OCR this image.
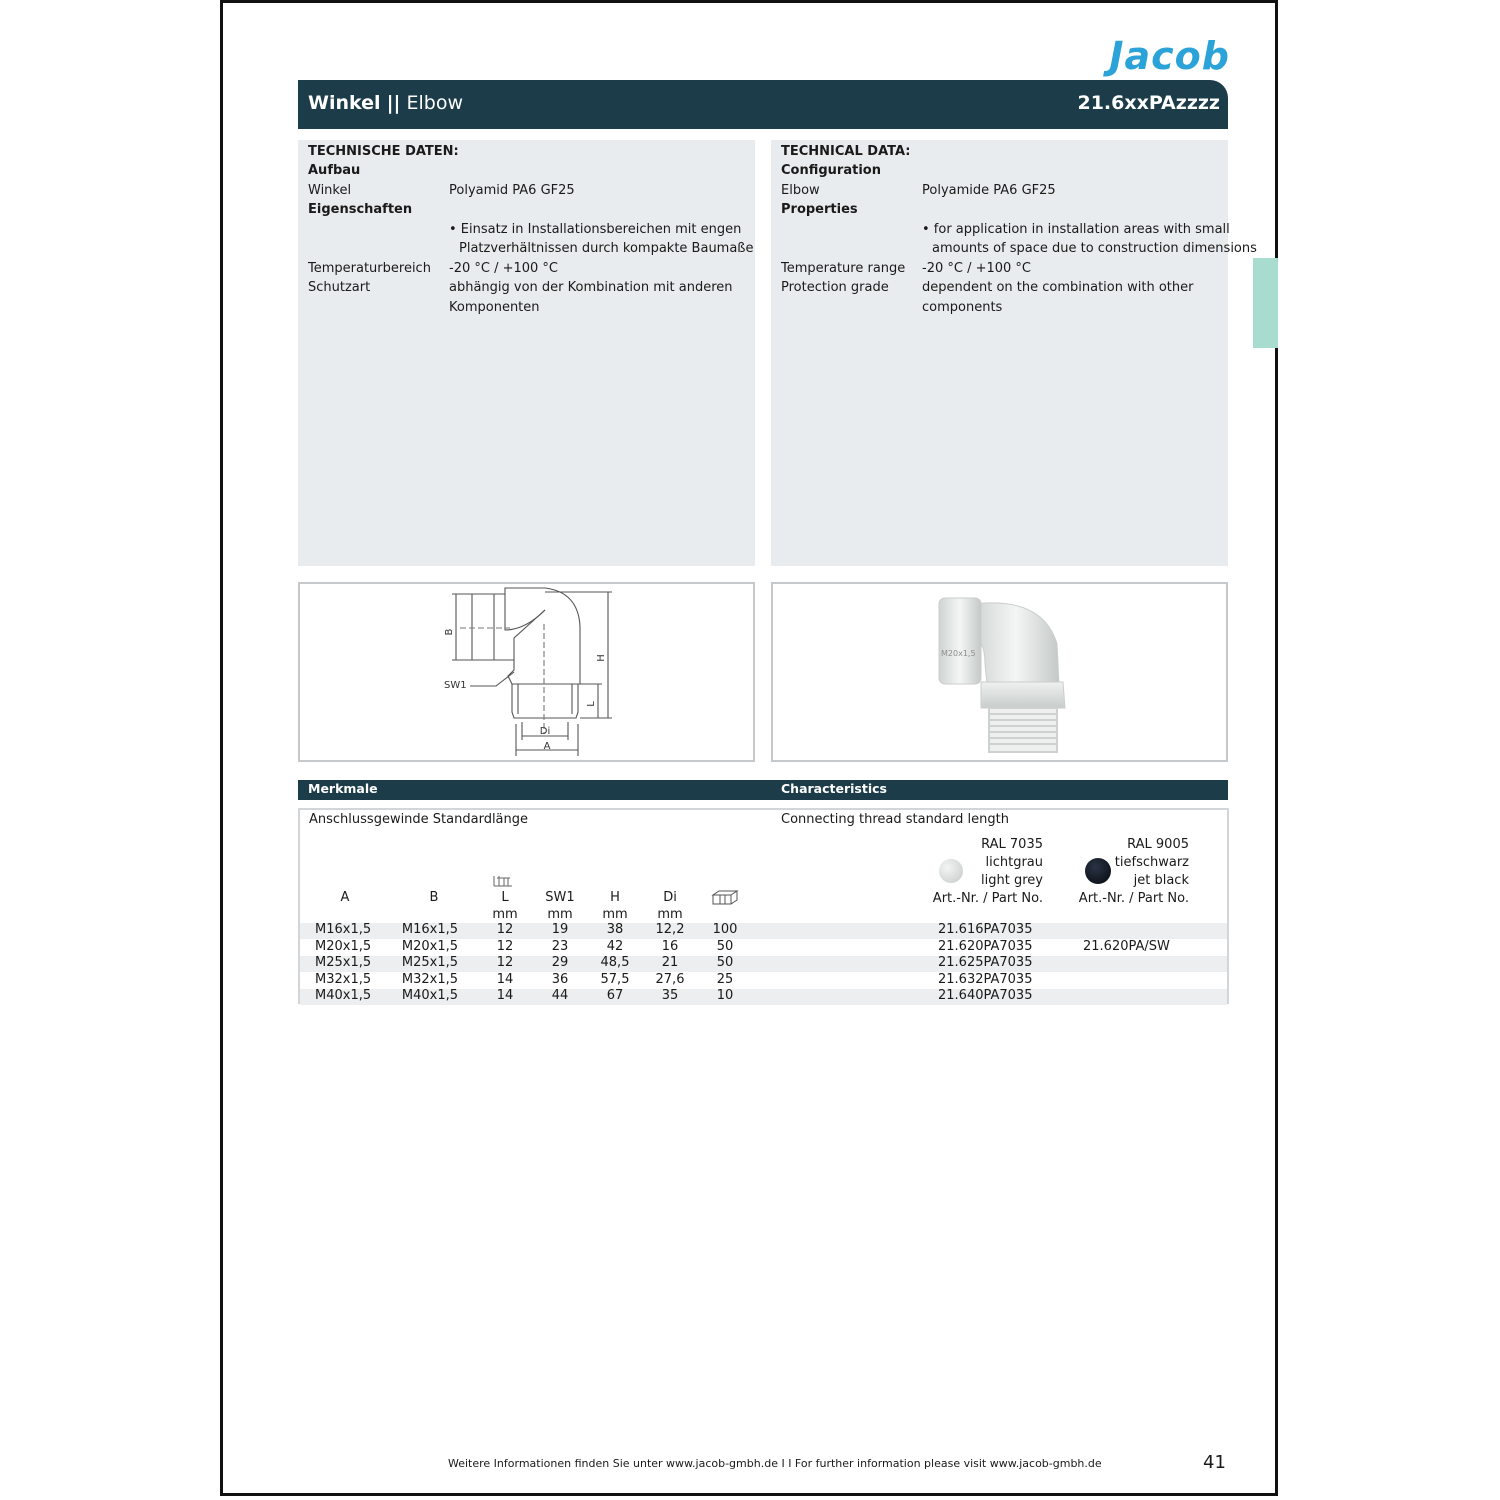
Jacob
Winkel || Elbow	21.6xxPAzzzz
TECHNISCHE DATEN:
Aufbau
Winkel	Polyamid PA6 GF25
Eigenschaften
• Einsatz in Installationsbereichen mit engen
Platzverhältnissen durch kompakte Baumaße
Temperaturbereich -20 °C / +100 °C
Schutzart	abhängig von der Kombination mit anderen
Komponenten
TECHNICAL DATA:
Configuration
Elbow	Polyamide PA6 GF25
Properties
• for application in installation areas with small
amounts of space due to construction dimensions
Temperature range -20 °C / +100 °C
Protection grade	dependent on the combination with other
components
B
H
SW1
L
Di
A
M20x1,5
Merkmale	Characteristics
Anschlussgewinde Standardlänge	Connecting thread standard length
RAL 7035
lichtgrau
light grey
Art.-Nr. / Part No.
RAL 9005
tiefschwarz
jet black
Art.-Nr. / Part No.
A	B	L	SW1	H	Di
mm	mm	mm	mm
M16x1,5 M16x1,5	12	19	38	12,2	100	21.616PA7035
M20x1,5 M20x1,5	12	23	42	16	50	21.620PA7035	21.620PA/SW
M25x1,5 M25x1,5	12	29	48,5	21	50	21.625PA7035
M32x1,5 M32x1,5	14	36	57,5	27,6	25	21.632PA7035
M40x1,5 M40x1,5	14	44	67	35	10	21.640PA7035
Weitere Informationen finden Sie unter www.jacob-gmbh.de I I For further information please visit www.jacob-gmbh.de	41
